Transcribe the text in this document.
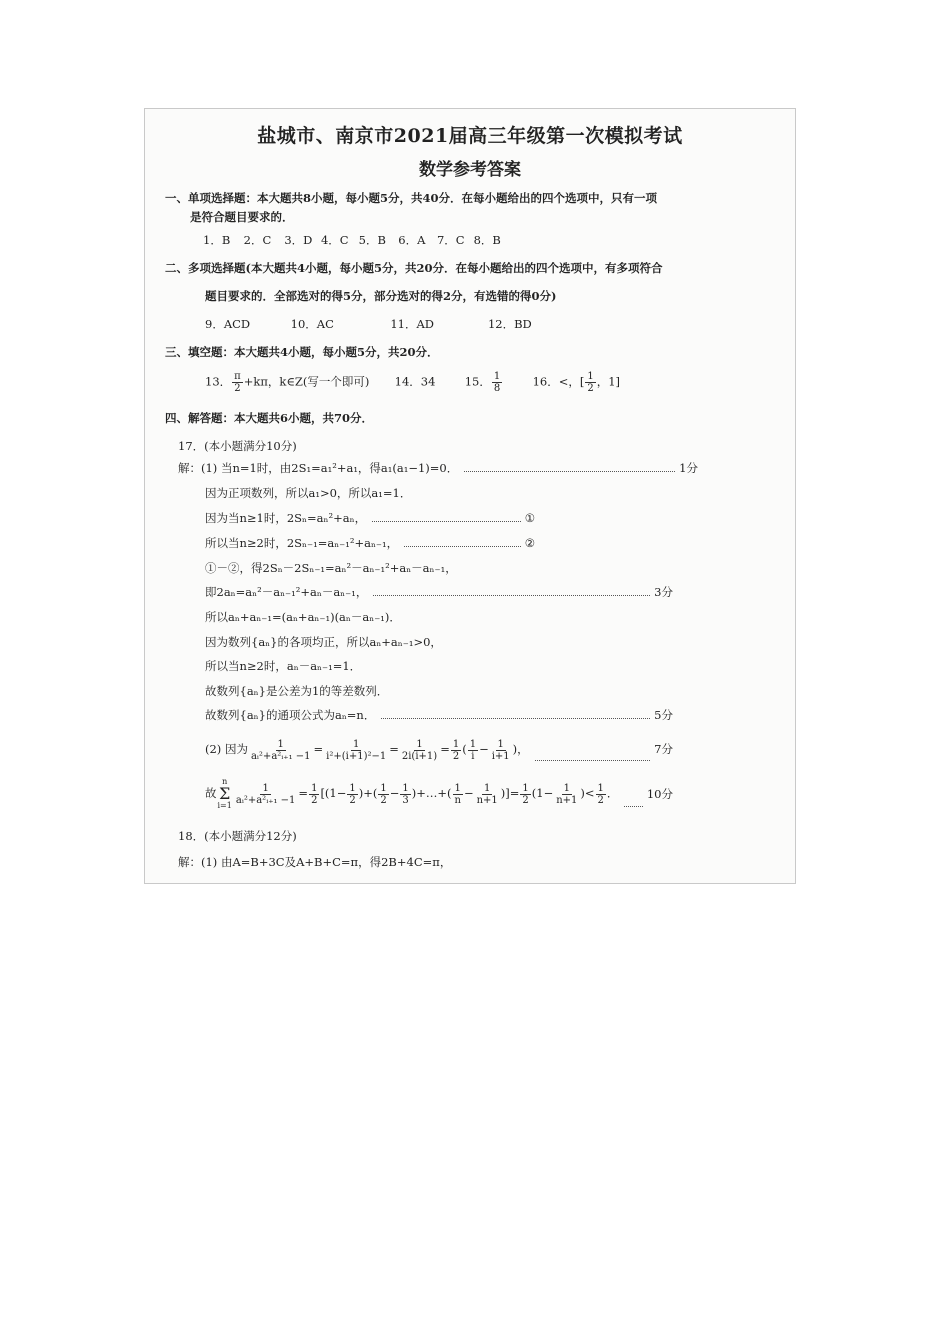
盐城市、南京市2021届高三年级第一次模拟考试
数学参考答案
一、单项选择题：本大题共8小题，每小题5分，共40分．在每小题给出的四个选项中，只有一项
是符合题目要求的．
1．B 2．C 3．D 4．C 5．B 6．A 7．C 8．B
二、多项选择题(本大题共4小题，每小题5分，共20分．在每小题给出的四个选项中，有多项符合
题目要求的．全部选对的得5分，部分选对的得2分，有选错的得0分)
9．ACD	10．AC	11．AD	12．BD
三、填空题：本大题共4小题，每小题5分，共20分．
13． $\frac{\pi}{2} +k\pi$，k∈Z(写一个即可) 14．34	15． $\frac{1}{8}$	16．<，[ $\frac{1}{2}$ ，1]
四、解答题：本大题共6小题，共70分．
17．(本小题满分10分)
解：(1) 当n=1时，由2S₁=a₁²+a₁，得a₁(a₁−1)=0．	1分
因为正项数列，所以a₁>0，所以a₁=1．
因为当n≥1时，2Sₙ=aₙ²+aₙ，	①
所以当n≥2时，2Sₙ₋₁=aₙ₋₁²+aₙ₋₁，	②
①－②，得2Sₙ－2Sₙ₋₁=aₙ²－aₙ₋₁²+aₙ－aₙ₋₁，
即2aₙ=aₙ²－aₙ₋₁²+aₙ－aₙ₋₁，	3分
所以aₙ+aₙ₋₁=(aₙ+aₙ₋₁)(aₙ－aₙ₋₁)．
因为数列{aₙ}的各项均正，所以aₙ+aₙ₋₁>0，
所以当n≥2时，aₙ－aₙ₋₁=1．
故数列{aₙ}是公差为1的等差数列．
故数列{aₙ}的通项公式为aₙ=n．	5分
(2) 因为 $\frac{1}{\text{aᵢ²+a²ᵢ₊₁ −1}} = \frac{1}{\text{i²+(i+1)²−1}} = \frac{1}{2i(i+1)} = \frac{1}{2}$ ( $\frac{1}{i} - \frac{1}{i+1}$ )，	7分
故
n
Σ
$i=1 \frac{1}{\text{aᵢ²+a²ᵢ₊₁ −1}} = \frac{1}{2} [(1- \frac{1}{2}$ )+( $\frac{1}{2} - \frac{1}{3}$ )+…+( $\frac{1}{n} - \frac{1}{n+1}$ )]= $\frac{1}{2} (1- \frac{1}{n+1}$ )< $\frac{1}{2}$ ． 10分
18．(本小题满分12分)
解：(1) 由A=B+3C及A+B+C=π，得2B+4C=π，
